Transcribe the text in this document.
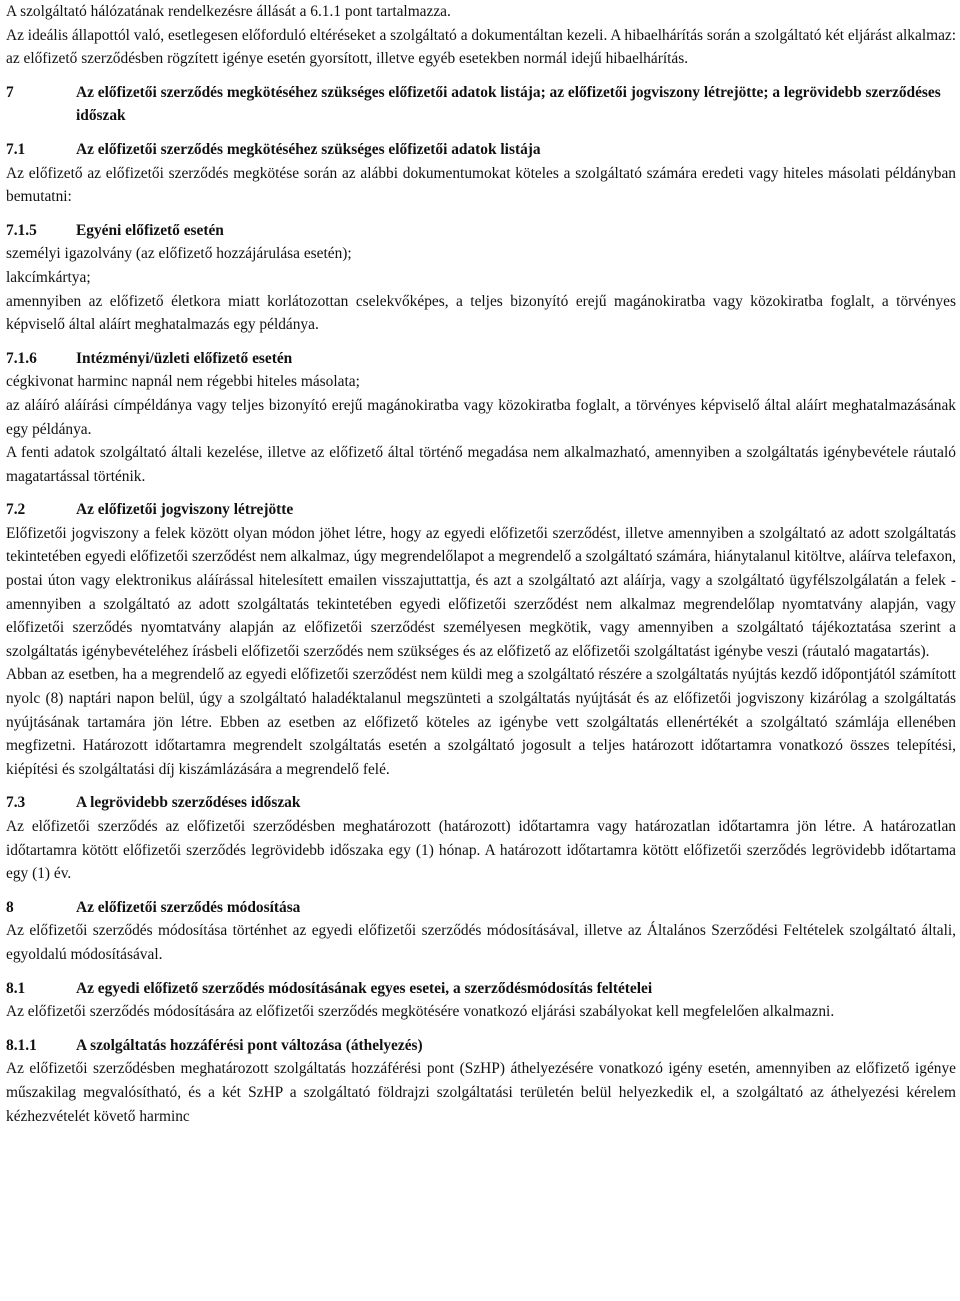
A szolgáltató hálózatának rendelkezésre állását a 6.1.1 pont tartalmazza.

Az ideális állapottól való, esetlegesen előforduló eltéréseket a szolgáltató a dokumentáltan kezeli. A hibaelhárítás során a szolgáltató két eljárást alkalmaz: az előfizető szerződésben rögzített igénye esetén gyorsított, illetve egyéb esetekben normál idejű hibaelhárítás.

7	Az előfizetői szerződés megkötéséhez szükséges előfizetői adatok listája; az előfizetői jogviszony létrejötte; a legrövidebb szerződéses időszak
7.1	Az előfizetői szerződés megkötéséhez szükséges előfizetői adatok listája

Az előfizető az előfizetői szerződés megkötése során az alábbi dokumentumokat köteles a szolgáltató számára eredeti vagy hiteles másolati példányban bemutatni:

7.1.5	Egyéni előfizető esetén

személyi igazolvány (az előfizető hozzájárulása esetén);

lakcímkártya;

amennyiben az előfizető életkora miatt korlátozottan cselekvőképes, a teljes bizonyító erejű magánokiratba vagy közokiratba foglalt, a törvényes képviselő által aláírt meghatalmazás egy példánya.

7.1.6	Intézményi/üzleti előfizető esetén

cégkivonat harminc napnál nem régebbi hiteles másolata;

az aláíró aláírási címpéldánya vagy teljes bizonyító erejű magánokiratba vagy közokiratba foglalt, a törvényes képviselő által aláírt meghatalmazásának egy példánya.

A fenti adatok szolgáltató általi kezelése, illetve az előfizető által történő megadása nem alkalmazható, amennyiben a szolgáltatás igénybevétele ráutaló magatartással történik.

7.2	Az előfizetői jogviszony létrejötte

Előfizetői jogviszony a felek között olyan módon jöhet létre, hogy az egyedi előfizetői szerződést, illetve amennyiben a szolgáltató az adott szolgáltatás tekintetében egyedi előfizetői szerződést nem alkalmaz, úgy megrendelőlapot a megrendelő a szolgáltató számára, hiánytalanul kitöltve, aláírva telefaxon, postai úton vagy elektronikus aláírással hitelesített emailen visszajuttattja, és azt a szolgáltató azt aláírja, vagy a szolgáltató ügyfélszolgálatán a felek -amennyiben a szolgáltató az adott szolgáltatás tekintetében egyedi előfizetői szerződést nem alkalmaz megrendelőlap nyomtatvány alapján, vagy előfizetői szerződés nyomtatvány alapján az előfizetői szerződést személyesen megkötik, vagy amennyiben a szolgáltató tájékoztatása szerint a szolgáltatás igénybevételéhez írásbeli előfizetői szerződés nem szükséges és az előfizető az előfizetői szolgáltatást igénybe veszi (ráutaló magatartás).

Abban az esetben, ha a megrendelő az egyedi előfizetői szerződést nem küldi meg a szolgáltató részére a szolgáltatás nyújtás kezdő időpontjától számított nyolc (8) naptári napon belül, úgy a szolgáltató haladéktalanul megszünteti a szolgáltatás nyújtását és az előfizetői jogviszony kizárólag a szolgáltatás nyújtásának tartamára jön létre. Ebben az esetben az előfizető köteles az igénybe vett szolgáltatás ellenértékét a szolgáltató számlája ellenében megfizetni. Határozott időtartamra megrendelt szolgáltatás esetén a szolgáltató jogosult a teljes határozott időtartamra vonatkozó összes telepítési, kiépítési és szolgáltatási díj kiszámlázására a megrendelő felé.

7.3	A legrövidebb szerződéses időszak

Az előfizetői szerződés az előfizetői szerződésben meghatározott (határozott) időtartamra vagy határozatlan időtartamra jön létre. A határozatlan időtartamra kötött előfizetői szerződés legrövidebb időszaka egy (1) hónap. A határozott időtartamra kötött előfizetői szerződés legrövidebb időtartama egy (1) év.

8	Az előfizetői szerződés módosítása

Az előfizetői szerződés módosítása történhet az egyedi előfizetői szerződés módosításával, illetve az Általános Szerződési Feltételek szolgáltató általi, egyoldalú módosításával.

8.1	Az egyedi előfizető szerződés módosításának egyes esetei, a szerződésmódosítás feltételei

Az előfizetői szerződés módosítására az előfizetői szerződés megkötésére vonatkozó eljárási szabályokat kell megfelelően alkalmazni.

8.1.1	A szolgáltatás hozzáférési pont változása (áthelyezés)

Az előfizetői szerződésben meghatározott szolgáltatás hozzáférési pont (SzHP) áthelyezésére vonatkozó igény esetén, amennyiben az előfizető igénye műszakilag megvalósítható, és a két SzHP a szolgáltató földrajzi szolgáltatási területén belül helyezkedik el, a szolgáltató az áthelyezési kérelem kézhezvételét követő harminc
